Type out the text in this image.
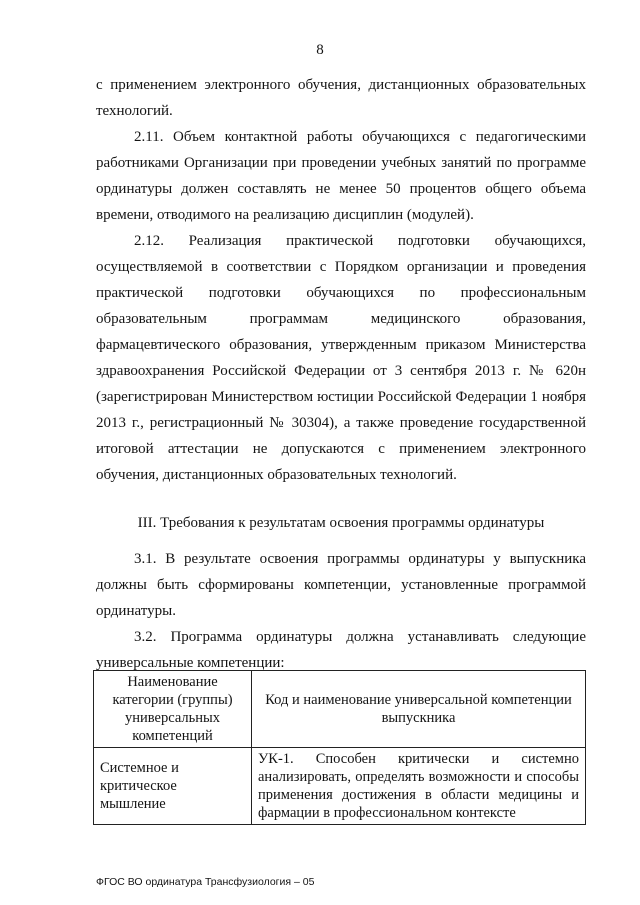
8
с применением электронного обучения, дистанционных образовательных технологий.
2.11. Объем контактной работы обучающихся с педагогическими работниками Организации при проведении учебных занятий по программе ординатуры должен составлять не менее 50 процентов общего объема времени, отводимого на реализацию дисциплин (модулей).
2.12. Реализация практической подготовки обучающихся, осуществляемой в соответствии с Порядком организации и проведения практической подготовки обучающихся по профессиональным образовательным программам медицинского образования, фармацевтического образования, утвержденным приказом Министерства здравоохранения Российской Федерации от 3 сентября 2013 г. № 620н (зарегистрирован Министерством юстиции Российской Федерации 1 ноября 2013 г., регистрационный № 30304), а также проведение государственной итоговой аттестации не допускаются с применением электронного обучения, дистанционных образовательных технологий.
III. Требования к результатам освоения программы ординатуры
3.1. В результате освоения программы ординатуры у выпускника должны быть сформированы компетенции, установленные программой ординатуры.
3.2. Программа ординатуры должна устанавливать следующие универсальные компетенции:
Наименование категории (группы) универсальных компетенций	Код и наименование универсальной компетенции выпускника
Системное и критическое мышление	УК-1. Способен критически и системно анализировать, определять возможности и способы применения достижения в области медицины и фармации в профессиональном контексте
ФГОС ВО ординатура Трансфузиология – 05
